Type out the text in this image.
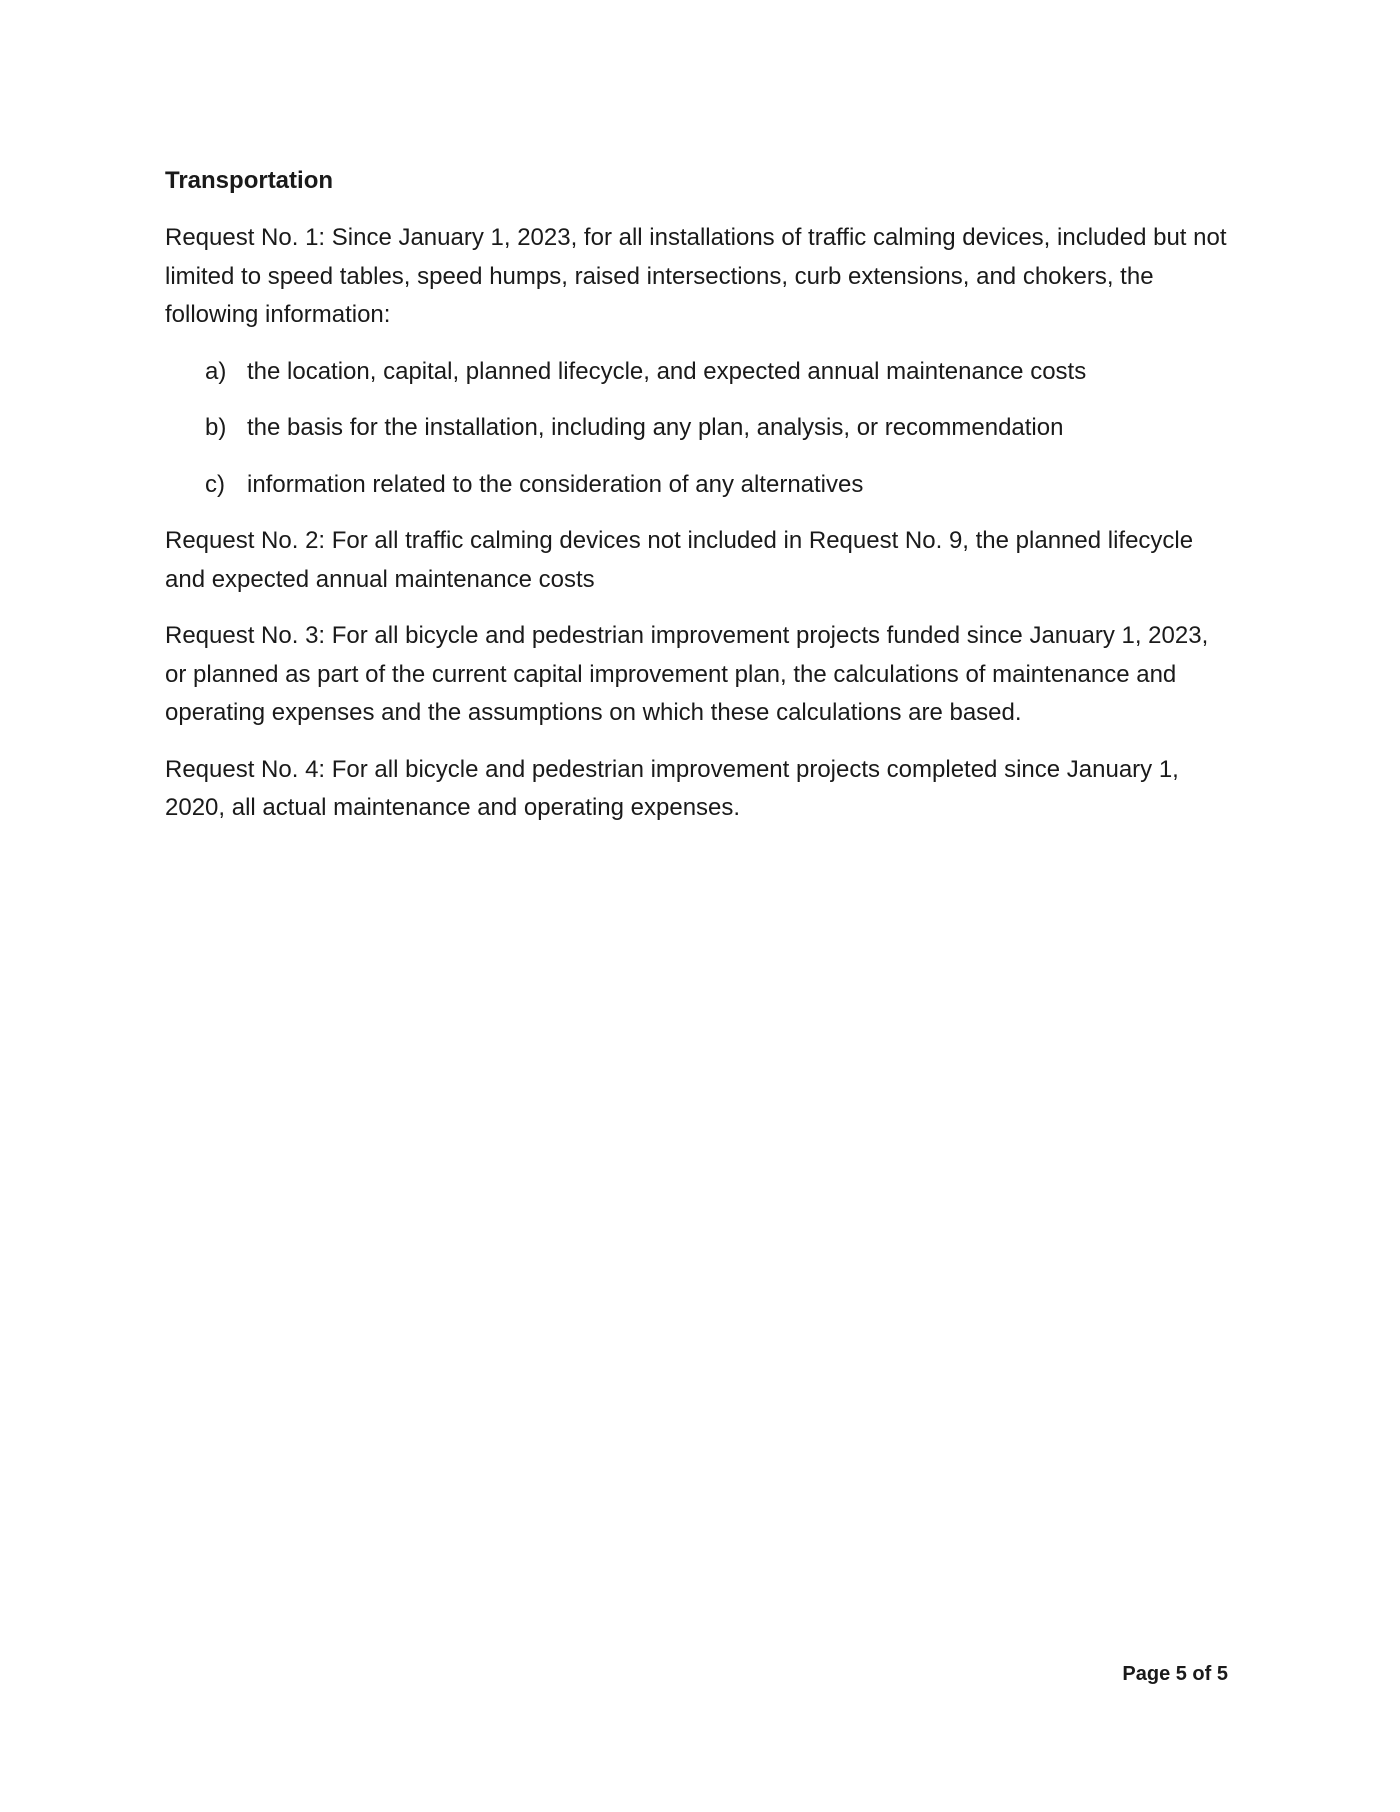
Transportation

Request No. 1: Since January 1, 2023, for all installations of traffic calming devices, included but not limited to speed tables, speed humps, raised intersections, curb extensions, and chokers, the following information:

a) the location, capital, planned lifecycle, and expected annual maintenance costs
b) the basis for the installation, including any plan, analysis, or recommendation
c) information related to the consideration of any alternatives

Request No. 2: For all traffic calming devices not included in Request No. 9, the planned lifecycle and expected annual maintenance costs

Request No. 3: For all bicycle and pedestrian improvement projects funded since January 1, 2023, or planned as part of the current capital improvement plan, the calculations of maintenance and operating expenses and the assumptions on which these calculations are based.

Request No. 4: For all bicycle and pedestrian improvement projects completed since January 1, 2020, all actual maintenance and operating expenses.

Page 5 of 5
